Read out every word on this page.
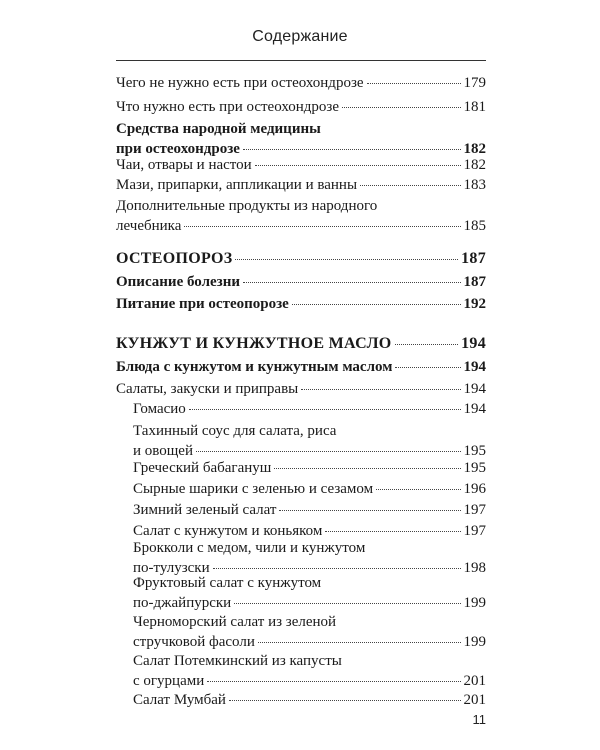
Содержание
Чего не нужно есть при остеохондрозе	179
Что нужно есть при остеохондрозе	181
Средства народной медицины
при остеохондрозе	182
Чаи, отвары и настои	182
Мази, припарки, аппликации и ванны	183
Дополнительные продукты из народного
лечебника	185
ОСТЕОПОРОЗ	187
Описание болезни	187
Питание при остеопорозе	192
КУНЖУТ И КУНЖУТНОЕ МАСЛО	194
Блюда с кунжутом и кунжутным маслом	194
Салаты, закуски и приправы	194
Гомасио	194
Тахинный соус для салата, риса
и овощей	195
Греческий бабагануш	195
Сырные шарики с зеленью и сезамом	196
Зимний зеленый салат	197
Салат с кунжутом и коньяком	197
Брокколи с медом, чили и кунжутом
по-тулузски	198
Фруктовый салат с кунжутом
по-джайпурски	199
Черноморский салат из зеленой
стручковой фасоли	199
Салат Потемкинский из капусты
с огурцами	201
Салат Мумбай	201
11
